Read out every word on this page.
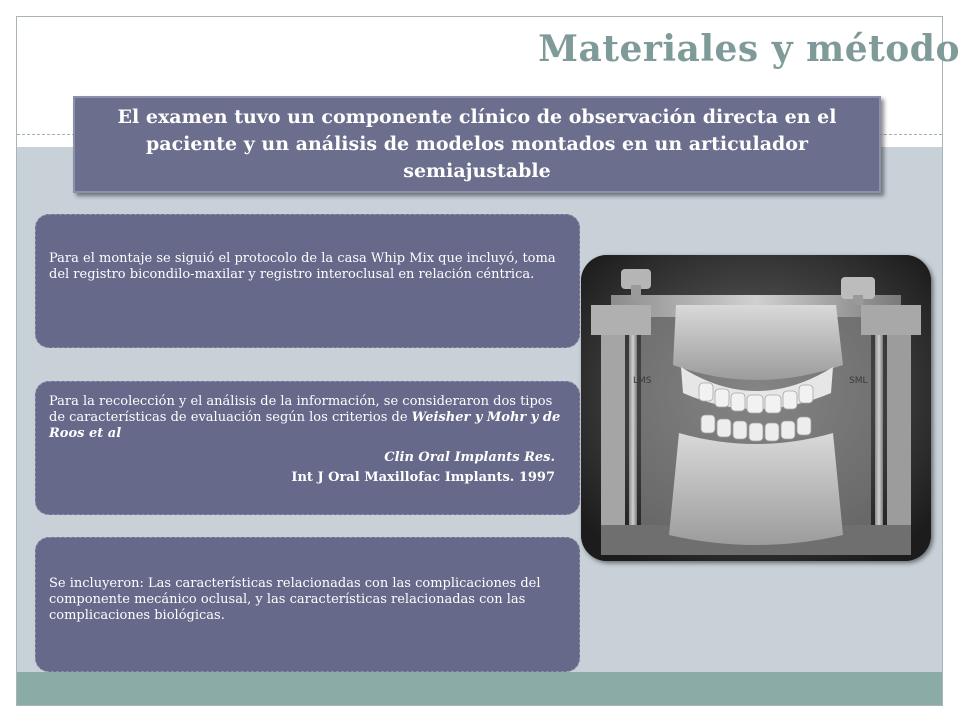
Materiales y método

El examen tuvo un componente clínico de observación directa en el paciente y un análisis de modelos montados en un articulador semiajustable

Para el montaje se siguió el protocolo de la casa Whip Mix que incluyó, toma del registro bicondilo-maxilar y registro interoclusal en relación céntrica.

Para la recolección y el análisis de la información, se consideraron dos tipos de características de evaluación según los criterios de Weisher y Mohr y de Roos et al

Clin Oral Implants Res.

Int J Oral Maxillofac Implants. 1997

Se incluyeron: Las características relacionadas con las complicaciones del componente mecánico oclusal, y las características relacionadas con las complicaciones biológicas.

LMS	SML
